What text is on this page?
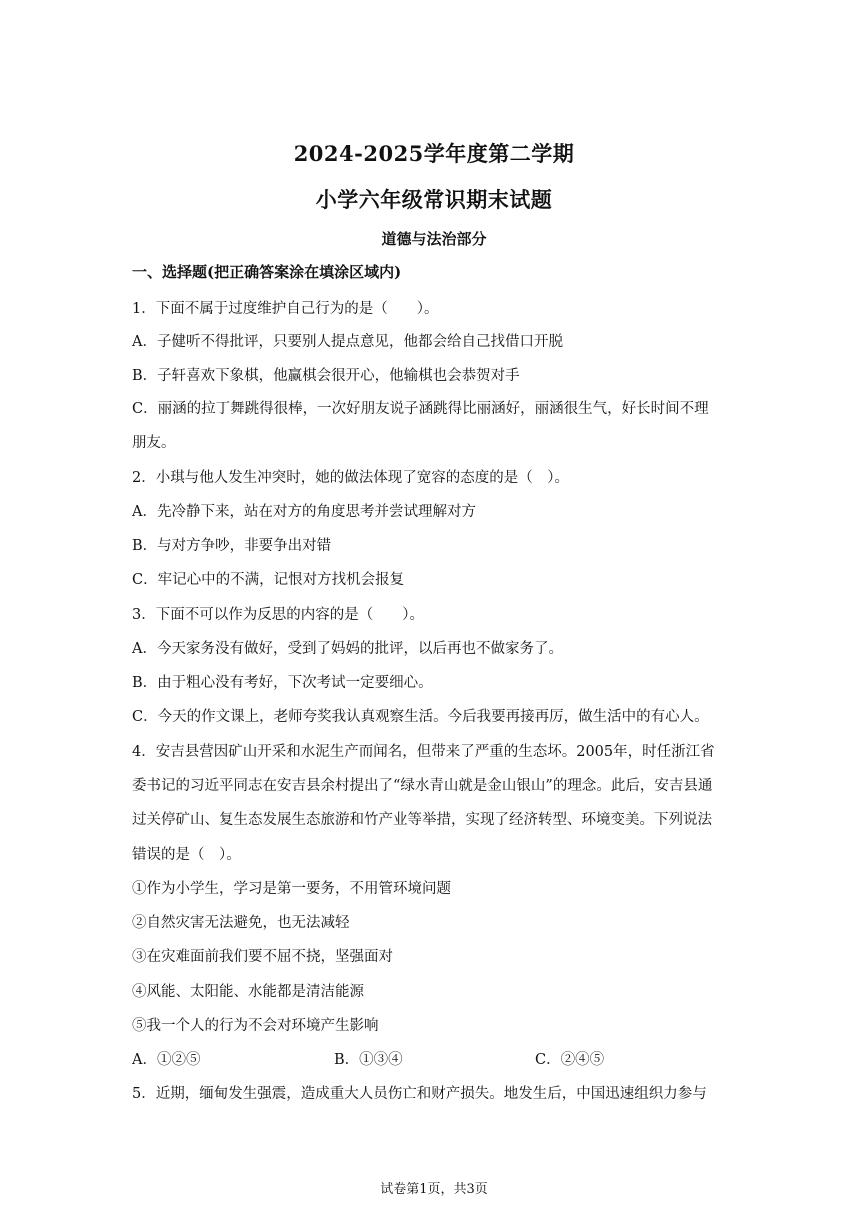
2024-2025学年度第二学期
小学六年级常识期末试题
道德与法治部分
一、选择题(把正确答案涂在填涂区域内)
1．下面不属于过度维护自己行为的是（　　）。
A．子健听不得批评，只要别人提点意见，他都会给自己找借口开脱
B．子轩喜欢下象棋，他赢棋会很开心，他输棋也会恭贺对手
C．丽涵的拉丁舞跳得很棒，一次好朋友说子涵跳得比丽涵好，丽涵很生气，好长时间不理
朋友。
2．小琪与他人发生冲突时，她的做法体现了宽容的态度的是（　）。
A．先冷静下来，站在对方的角度思考并尝试理解对方
B．与对方争吵，非要争出对错
C．牢记心中的不满，记恨对方找机会报复
3．下面不可以作为反思的内容的是（　　）。
A．今天家务没有做好，受到了妈妈的批评，以后再也不做家务了。
B．由于粗心没有考好，下次考试一定要细心。
C．今天的作文课上，老师夸奖我认真观察生活。今后我要再接再厉，做生活中的有心人。
4．安吉县营因矿山开采和水泥生产而闻名，但带来了严重的生态坏。2005年，时任浙江省
委书记的习近平同志在安吉县余村提出了“绿水青山就是金山银山”的理念。此后，安吉县通
过关停矿山、复生态发展生态旅游和竹产业等举措，实现了经济转型、环境变美。下列说法
错误的是（　）。
①作为小学生，学习是第一要务，不用管环境问题
②自然灾害无法避免，也无法减轻
③在灾难面前我们要不屈不挠，坚强面对
④风能、太阳能、水能都是清洁能源
⑤我一个人的行为不会对环境产生影响
A．①②⑤	B．①③④	C．②④⑤
5．近期，缅甸发生强震，造成重大人员伤亡和财产损失。地发生后，中国迅速组织力参与
试卷第1页，共3页
